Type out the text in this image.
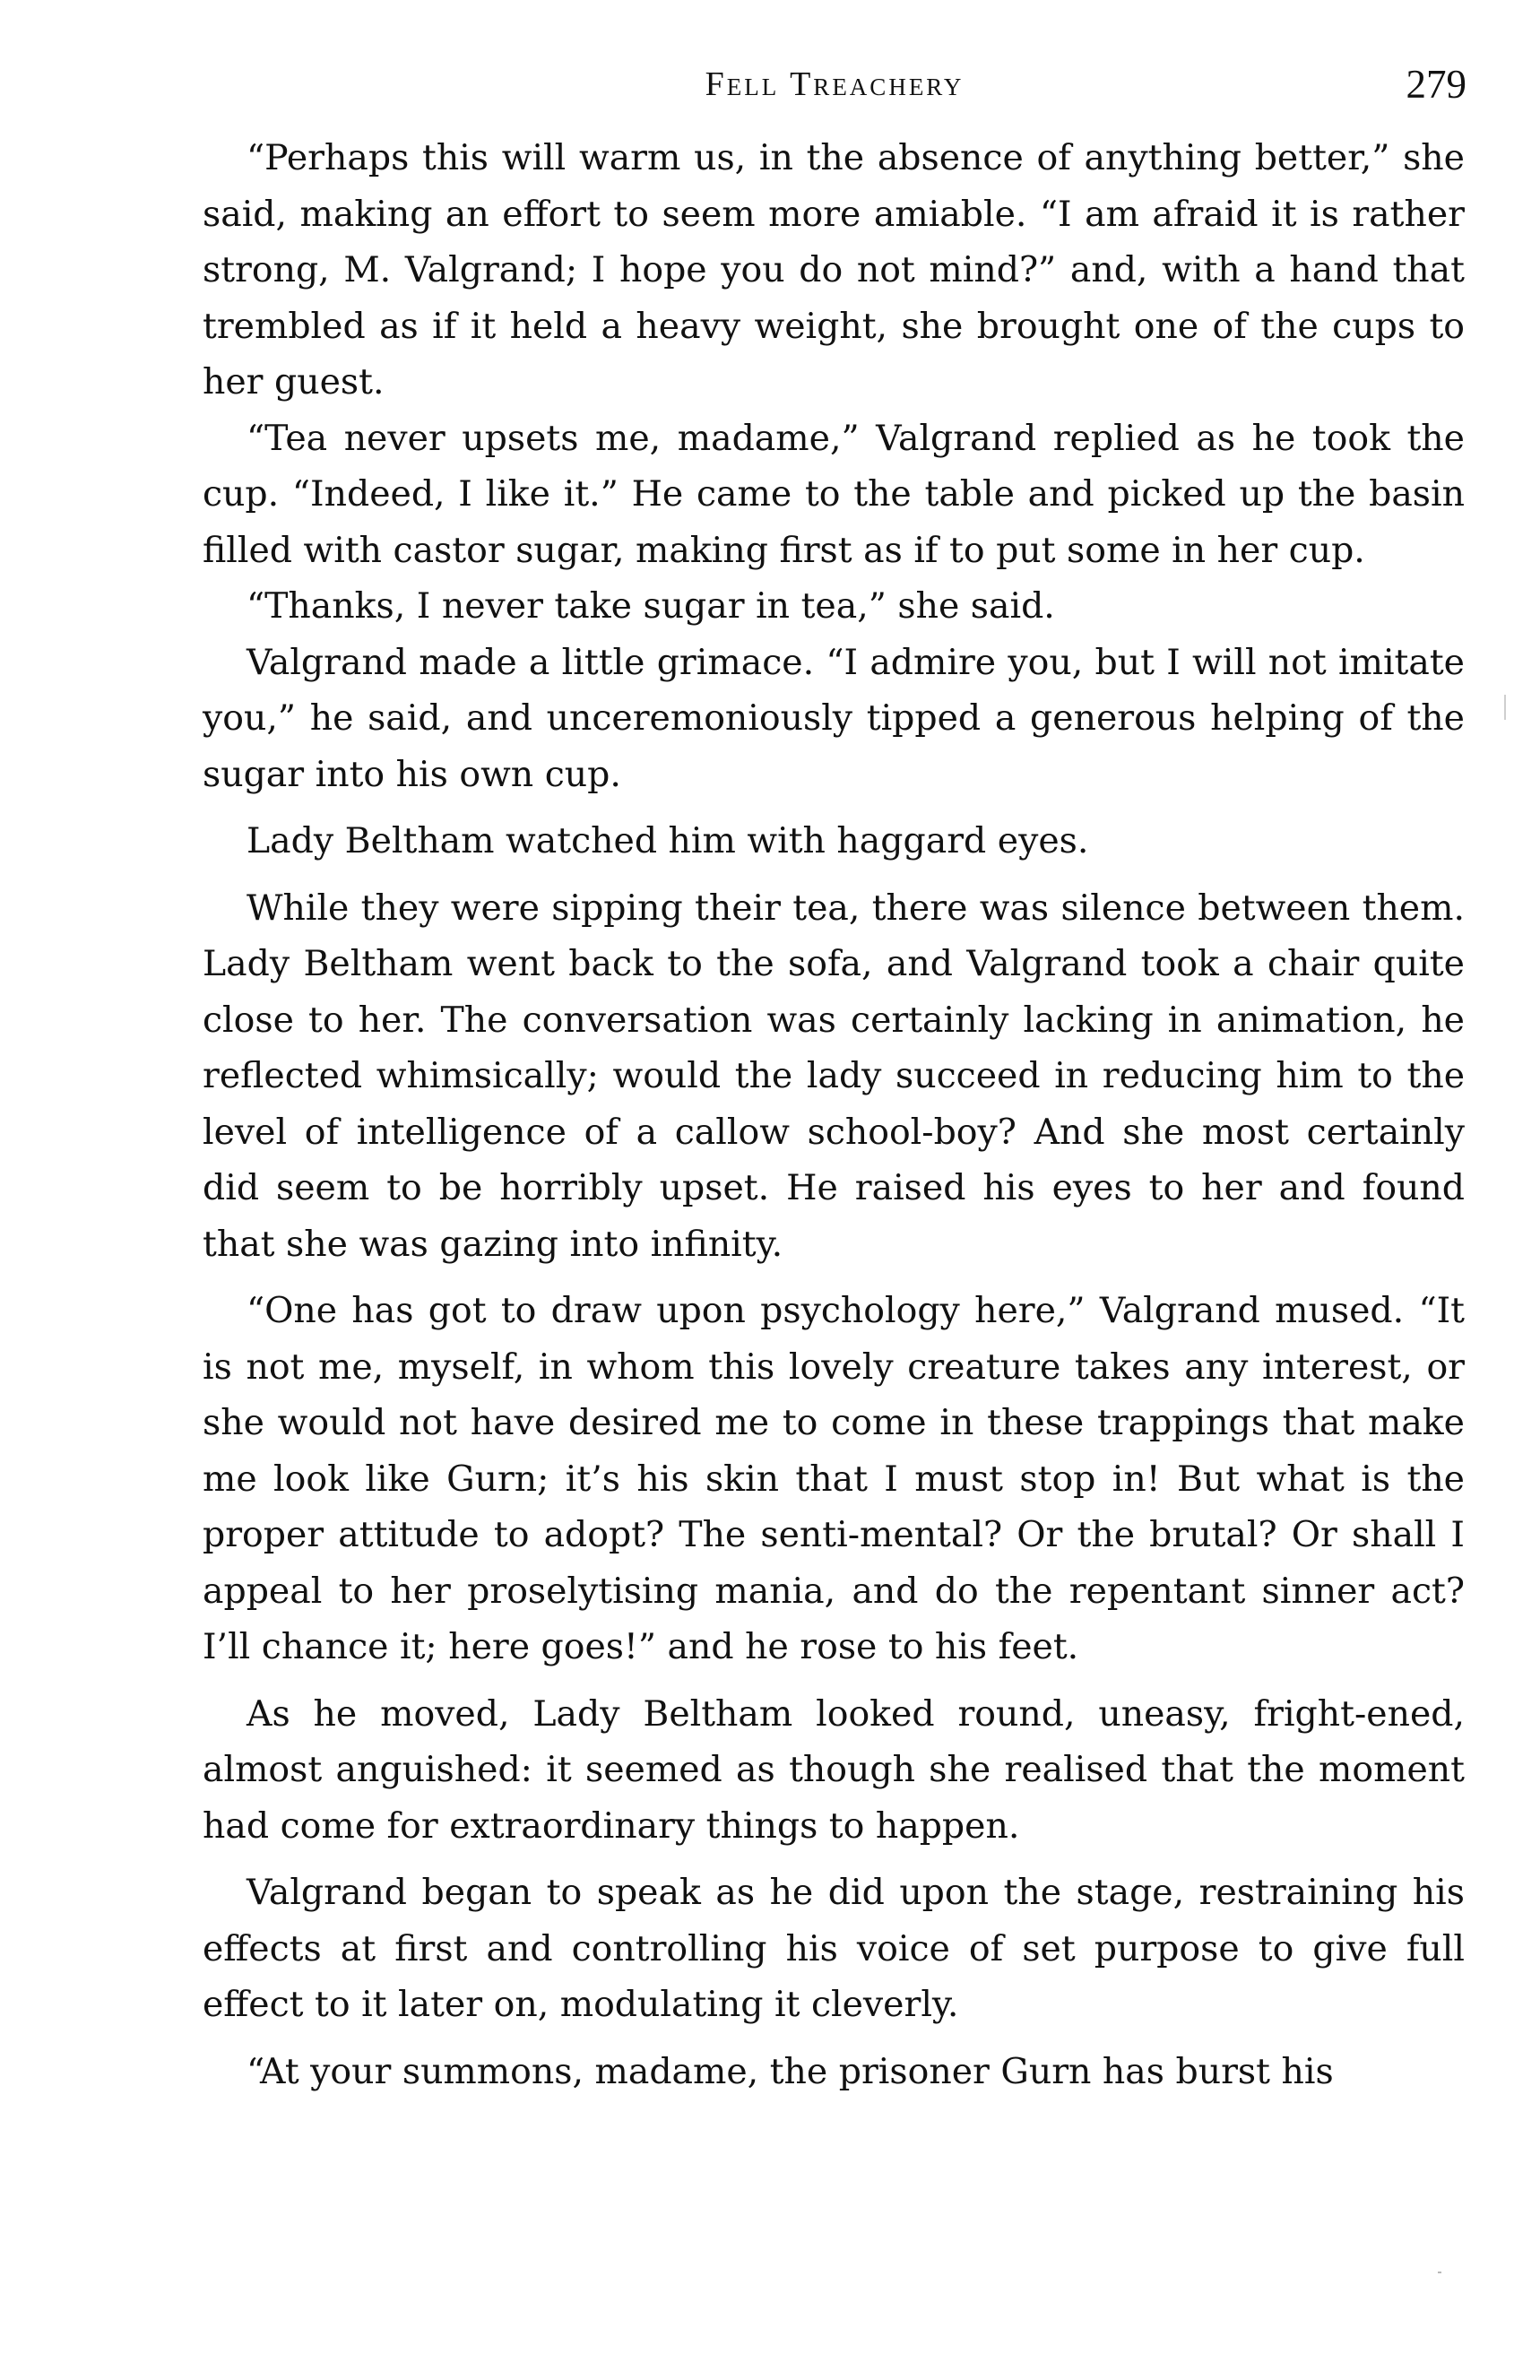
Fell Treachery	279

“Perhaps this will warm us, in the absence of anything better,” she said, making an effort to seem more amiable. “I am afraid it is rather strong, M. Valgrand; I hope you do not mind?” and, with a hand that trembled as if it held a heavy weight, she brought one of the cups to her guest.

“Tea never upsets me, madame,” Valgrand replied as he took the cup. “Indeed, I like it.” He came to the table and picked up the basin filled with castor sugar, making first as if to put some in her cup.

“Thanks, I never take sugar in tea,” she said.

Valgrand made a little grimace. “I admire you, but I will not imitate you,” he said, and unceremoniously tipped a generous helping of the sugar into his own cup.

Lady Beltham watched him with haggard eyes.

While they were sipping their tea, there was silence between them. Lady Beltham went back to the sofa, and Valgrand took a chair quite close to her. The conversation was certainly lacking in animation, he reflected whimsically; would the lady succeed in reducing him to the level of intelligence of a callow school-boy? And she most certainly did seem to be horribly upset. He raised his eyes to her and found that she was gazing into infinity.

“One has got to draw upon psychology here,” Valgrand mused. “It is not me, myself, in whom this lovely creature takes any interest, or she would not have desired me to come in these trappings that make me look like Gurn; it’s his skin that I must stop in! But what is the proper attitude to adopt? The senti-mental? Or the brutal? Or shall I appeal to her proselytising mania, and do the repentant sinner act? I’ll chance it; here goes!” and he rose to his feet.

As he moved, Lady Beltham looked round, uneasy, fright-ened, almost anguished: it seemed as though she realised that the moment had come for extraordinary things to happen.

Valgrand began to speak as he did upon the stage, restraining his effects at first and controlling his voice of set purpose to give full effect to it later on, modulating it cleverly.

“At your summons, madame, the prisoner Gurn has burst his
